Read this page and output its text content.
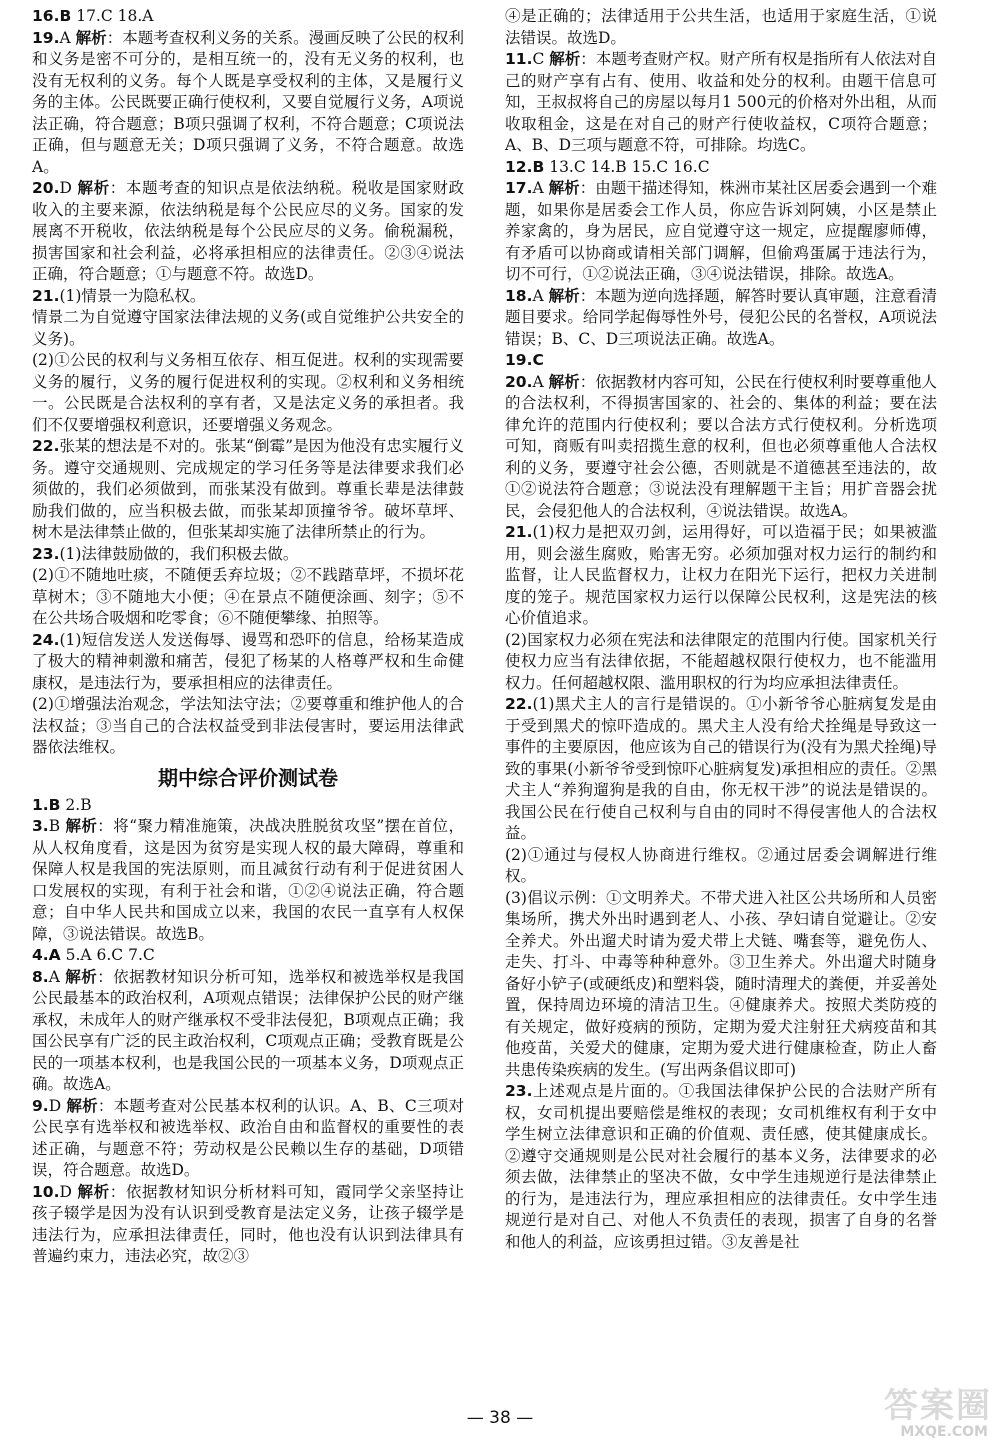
16.B 17.C 18.A

19.A 解析：本题考查权利义务的关系。漫画反映了公民的权利和义务是密不可分的，是相互统一的，没有无义务的权利，也没有无权利的义务。每个人既是享受权利的主体，又是履行义务的主体。公民既要正确行使权利，又要自觉履行义务，A项说法正确，符合题意；B项只强调了权利，不符合题意；C项说法正确，但与题意无关；D项只强调了义务，不符合题意。故选A。

20.D 解析：本题考查的知识点是依法纳税。税收是国家财政收入的主要来源，依法纳税是每个公民应尽的义务。国家的发展离不开税收，依法纳税是每个公民应尽的义务。偷税漏税，损害国家和社会利益，必将承担相应的法律责任。②③④说法正确，符合题意；①与题意不符。故选D。

21.(1)情景一为隐私权。
情景二为自觉遵守国家法律法规的义务(或自觉维护公共安全的义务)。
(2)①公民的权利与义务相互依存、相互促进。权利的实现需要义务的履行，义务的履行促进权利的实现。②权利和义务相统一。公民既是合法权利的享有者，又是法定义务的承担者。我们不仅要增强权利意识，还要增强义务观念。

22.张某的想法是不对的。张某“倒霉”是因为他没有忠实履行义务。遵守交通规则、完成规定的学习任务等是法律要求我们必须做的，我们必须做到，而张某没有做到。尊重长辈是法律鼓励我们做的，应当积极去做，而张某却顶撞爷爷。破坏草坪、树木是法律禁止做的，但张某却实施了法律所禁止的行为。

23.(1)法律鼓励做的，我们积极去做。
(2)①不随地吐痰，不随便丢弃垃圾；②不践踏草坪，不损坏花草树木；③不随地大小便；④在景点不随便涂画、刻字；⑤不在公共场合吸烟和吃零食；⑥不随便攀缘、拍照等。

24.(1)短信发送人发送侮辱、谩骂和恐吓的信息，给杨某造成了极大的精神刺激和痛苦，侵犯了杨某的人格尊严权和生命健康权，是违法行为，要承担相应的法律责任。
(2)①增强法治观念，学法知法守法；②要尊重和维护他人的合法权益；③当自己的合法权益受到非法侵害时，要运用法律武器依法维权。

期中综合评价测试卷

1.B 2.B

3.B 解析：将“聚力精准施策，决战决胜脱贫攻坚”摆在首位，从人权角度看，这是因为贫穷是实现人权的最大障碍，尊重和保障人权是我国的宪法原则，而且减贫行动有利于促进贫困人口发展权的实现，有利于社会和谐，①②④说法正确，符合题意；自中华人民共和国成立以来，我国的农民一直享有人权保障，③说法错误。故选B。

4.A 5.A 6.C 7.C

8.A 解析：依据教材知识分析可知，选举权和被选举权是我国公民最基本的政治权利，A项观点错误；法律保护公民的财产继承权，未成年人的财产继承权不受非法侵犯，B项观点正确；我国公民享有广泛的民主政治权利，C项观点正确；受教育既是公民的一项基本权利，也是我国公民的一项基本义务，D项观点正确。故选A。

9.D 解析：本题考查对公民基本权利的认识。A、B、C三项对公民享有选举权和被选举权、政治自由和监督权的重要性的表述正确，与题意不符；劳动权是公民赖以生存的基础，D项错误，符合题意。故选D。

10.D 解析：依据教材知识分析材料可知，霞同学父亲坚持让孩子辍学是因为没有认识到受教育是法定义务，让孩子辍学是违法行为，应承担法律责任，同时，他也没有认识到法律具有普遍约束力，违法必究，故②③

④是正确的；法律适用于公共生活，也适用于家庭生活，①说法错误。故选D。

11.C 解析：本题考查财产权。财产所有权是指所有人依法对自己的财产享有占有、使用、收益和处分的权利。由题干信息可知，王叔叔将自己的房屋以每月1 500元的价格对外出租，从而收取租金，这是在对自己的财产行使收益权，C项符合题意；A、B、D三项与题意不符，可排除。均选C。

12.B 13.C 14.B 15.C 16.C

17.A 解析：由题干描述得知，株洲市某社区居委会遇到一个难题，如果你是居委会工作人员，你应告诉刘阿姨，小区是禁止养家禽的，身为居民，应自觉遵守这一规定，应提醒廖师傅，有矛盾可以协商或请相关部门调解，但偷鸡蛋属于违法行为，切不可行，①②说法正确，③④说法错误，排除。故选A。

18.A 解析：本题为逆向选择题，解答时要认真审题，注意看清题目要求。给同学起侮辱性外号，侵犯公民的名誉权，A项说法错误；B、C、D三项说法正确。故选A。

19.C

20.A 解析：依据教材内容可知，公民在行使权利时要尊重他人的合法权利，不得损害国家的、社会的、集体的利益；要在法律允许的范围内行使权利；要以合法方式行使权利。分析选项可知，商贩有叫卖招揽生意的权利，但也必须尊重他人合法权利的义务，要遵守社会公德，否则就是不道德甚至违法的，故①②说法符合题意；③说法没有理解题干主旨；用扩音器会扰民，会侵犯他人的合法权利，④说法错误。故选A。

21.(1)权力是把双刃剑，运用得好，可以造福于民；如果被滥用，则会滋生腐败，贻害无穷。必须加强对权力运行的制约和监督，让人民监督权力，让权力在阳光下运行，把权力关进制度的笼子。规范国家权力运行以保障公民权利，这是宪法的核心价值追求。
(2)国家权力必须在宪法和法律限定的范围内行使。国家机关行使权力应当有法律依据，不能超越权限行使权力，也不能滥用权力。任何超越权限、滥用职权的行为均应承担法律责任。

22.(1)黑犬主人的言行是错误的。①小新爷爷心脏病复发是由于受到黑犬的惊吓造成的。黑犬主人没有给犬拴绳是导致这一事件的主要原因，他应该为自己的错误行为(没有为黑犬拴绳)导致的事果(小新爷爷受到惊吓心脏病复发)承担相应的责任。②黑犬主人“养狗遛狗是我的自由，你无权干涉”的说法是错误的。我国公民在行使自己权利与自由的同时不得侵害他人的合法权益。
(2)①通过与侵权人协商进行维权。②通过居委会调解进行维权。
(3)倡议示例：①文明养犬。不带犬进入社区公共场所和人员密集场所，携犬外出时遇到老人、小孩、孕妇请自觉避让。②安全养犬。外出遛犬时请为爱犬带上犬链、嘴套等，避免伤人、走失、打斗、中毒等种种意外。③卫生养犬。外出遛犬时随身备好小铲子(或硬纸皮)和塑料袋，随时清理犬的粪便，并妥善处置，保持周边环境的清洁卫生。④健康养犬。按照犬类防疫的有关规定，做好疫病的预防，定期为爱犬注射狂犬病疫苗和其他疫苗，关爱犬的健康，定期为爱犬进行健康检查，防止人畜共患传染疾病的发生。(写出两条倡议即可)

23.上述观点是片面的。①我国法律保护公民的合法财产所有权，女司机提出要赔偿是维权的表现；女司机维权有利于女中学生树立法律意识和正确的价值观、责任感，使其健康成长。②遵守交通规则是公民对社会履行的基本义务，法律要求的必须去做，法律禁止的坚决不做，女中学生违规逆行是法律禁止的行为，是违法行为，理应承担相应的法律责任。女中学生违规逆行是对自己、对他人不负责任的表现，损害了自身的名誉和他人的利益，应该勇担过错。③友善是社

— 38 —	答案圈
MXQE.COM
